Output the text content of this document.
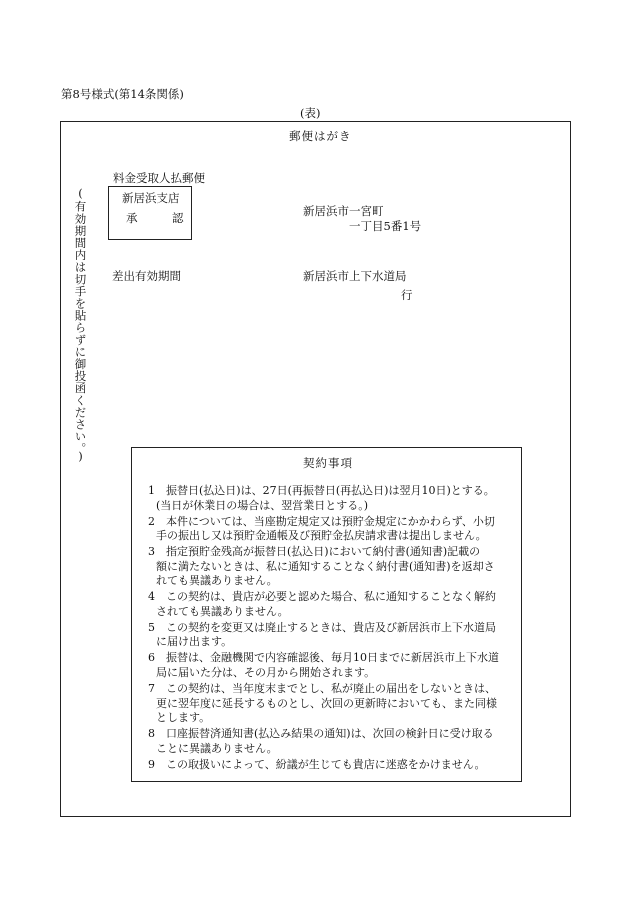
第8号様式(第14条関係)
(表)
郵便はがき
(有効期間内は切手を貼らずに御投函ください。)
料金受取人払郵便
新居浜支店
承	認
差出有効期間
新居浜市一宮町
一丁目5番1号
新居浜市上下水道局
行
契約事項
1 振替日(払込日)は、27日(再振替日(再払込日)は翌月10日)とする。
(当日が休業日の場合は、翌営業日とする。)
2 本件については、当座勘定規定又は預貯金規定にかかわらず、小切
手の振出し又は預貯金通帳及び預貯金払戻請求書は提出しません。
3 指定預貯金残高が振替日(払込日)において納付書(通知書)記載の
額に満たないときは、私に通知することなく納付書(通知書)を返却さ
れても異議ありません。
4 この契約は、貴店が必要と認めた場合、私に通知することなく解約
されても異議ありません。
5 この契約を変更又は廃止するときは、貴店及び新居浜市上下水道局
に届け出ます。
6 振替は、金融機関で内容確認後、毎月10日までに新居浜市上下水道
局に届いた分は、その月から開始されます。
7 この契約は、当年度末までとし、私が廃止の届出をしないときは、
更に翌年度に延長するものとし、次回の更新時においても、また同様
とします。
8 口座振替済通知書(払込み結果の通知)は、次回の検針日に受け取る
ことに異議ありません。
9 この取扱いによって、紛議が生じても貴店に迷惑をかけません。
